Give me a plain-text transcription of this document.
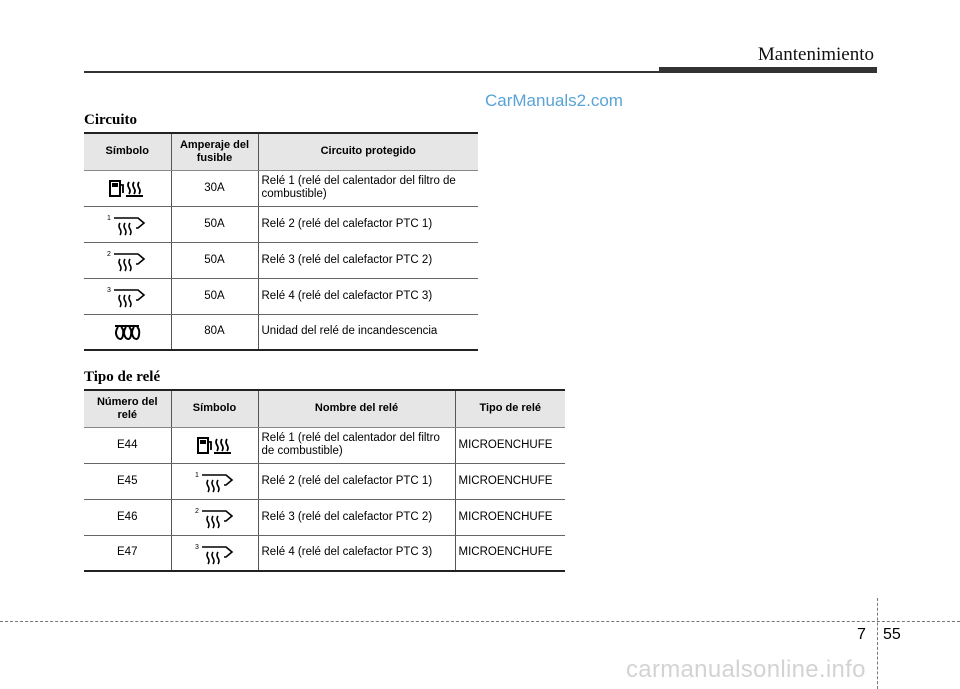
Mantenimiento
CarManuals2.com
Circuito
Símbolo	Amperaje del fusible	Circuito protegido
	30A	Relé 1 (relé del calentador del filtro de combustible)

1	50A	Relé 2 (relé del calefactor PTC 1)

2	50A	Relé 3 (relé del calefactor PTC 2)

3	50A	Relé 4 (relé del calefactor PTC 3)
	80A	Unidad del relé de incandescencia
Tipo de relé
Número del relé	Símbolo	Nombre del relé	Tipo de relé
E44		Relé 1 (relé del calentador del filtro de combustible)	MICROENCHUFE
E45	1	Relé 2 (relé del calefactor PTC 1)	MICROENCHUFE
E46	2	Relé 3 (relé del calefactor PTC 2)	MICROENCHUFE
E47	3	Relé 4 (relé del calefactor PTC 3)	MICROENCHUFE
7 55
carmanualsonline.info
